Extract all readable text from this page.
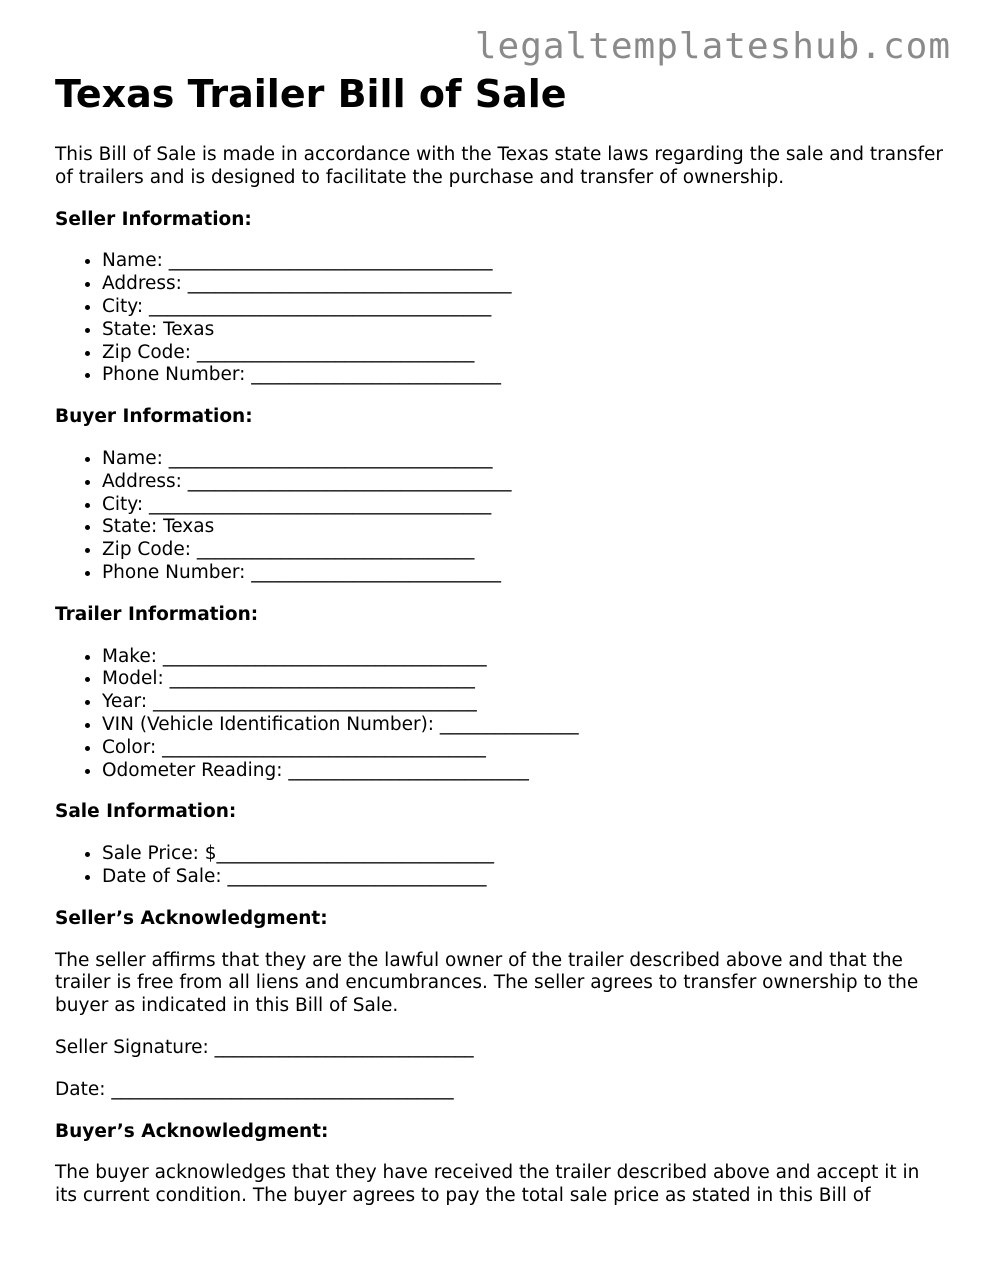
legaltemplateshub.com
Texas Trailer Bill of Sale

This Bill of Sale is made in accordance with the Texas state laws regarding the sale and transfer of trailers and is designed to facilitate the purchase and transfer of ownership.

Seller Information:
• Name: ___________________________________
• Address: ___________________________________
• City: _____________________________________
• State: Texas
• Zip Code: ______________________________
• Phone Number: ___________________________
Buyer Information:
• Name: ___________________________________
• Address: ___________________________________
• City: _____________________________________
• State: Texas
• Zip Code: ______________________________
• Phone Number: ___________________________
Trailer Information:
• Make: ___________________________________
• Model: _________________________________
• Year: ___________________________________
• VIN (Vehicle Identification Number): _______________
• Color: ___________________________________
• Odometer Reading: __________________________
Sale Information:
• Sale Price: $______________________________
• Date of Sale: ____________________________
Seller’s Acknowledgment:

The seller affirms that they are the lawful owner of the trailer described above and that the trailer is free from all liens and encumbrances. The seller agrees to transfer ownership to the buyer as indicated in this Bill of Sale.

Seller Signature: ____________________________

Date: _____________________________________

Buyer’s Acknowledgment:

The buyer acknowledges that they have received the trailer described above and accept it in its current condition. The buyer agrees to pay the total sale price as stated in this Bill of
